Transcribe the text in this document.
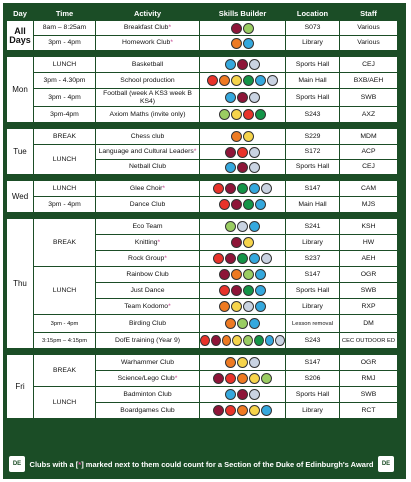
Day	Time	Activity	Skills Builder	Location	Staff
All Days	8am – 8:25am	Breakfast Club*		S073	Various
	3pm - 4pm	Homework Club*		Library	Various

Mon	LUNCH	Basketball		Sports Hall	CEJ
	3pm - 4.30pm	School production		Main Hall	BXB/AEH
	3pm - 4pm	Football (week A KS3 week B KS4)		Sports Hall	SWB
	3pm-4pm	Axiom Maths (invite only)		S243	AXZ

Tue	BREAK	Chess club		S229	MDM
	LUNCH	Language and Cultural Leaders*		S172	ACP
		Netball Club		Sports Hall	CEJ

Wed	LUNCH	Glee Choir*		S147	CAM
	3pm - 4pm	Dance Club		Main Hall	MJS

Thu	BREAK	Eco Team		S241	KSH
		Knitting*		Library	HW
		Rock Group*		S237	AEH
	LUNCH	Rainbow Club		S147	OGR
		Just Dance		Sports Hall	SWB
		Team Kodomo*		Library	RXP
	3pm - 4pm	Birding Club		Lesson removal	DM
	3:15pm – 4:15pm	DofE training (Year 9)		S243	CEC OUTDOOR ED

Fri	BREAK	Warhammer Club		S147	OGR
		Science/Lego Club*		S206	RMJ
	LUNCH	Badminton Club		Sports Hall	SWB
		Boardgames Club		Library	RCT
DE	Clubs with a [ * ] marked next to them could count for a Section of the Duke of Edinburgh's Award	DE
